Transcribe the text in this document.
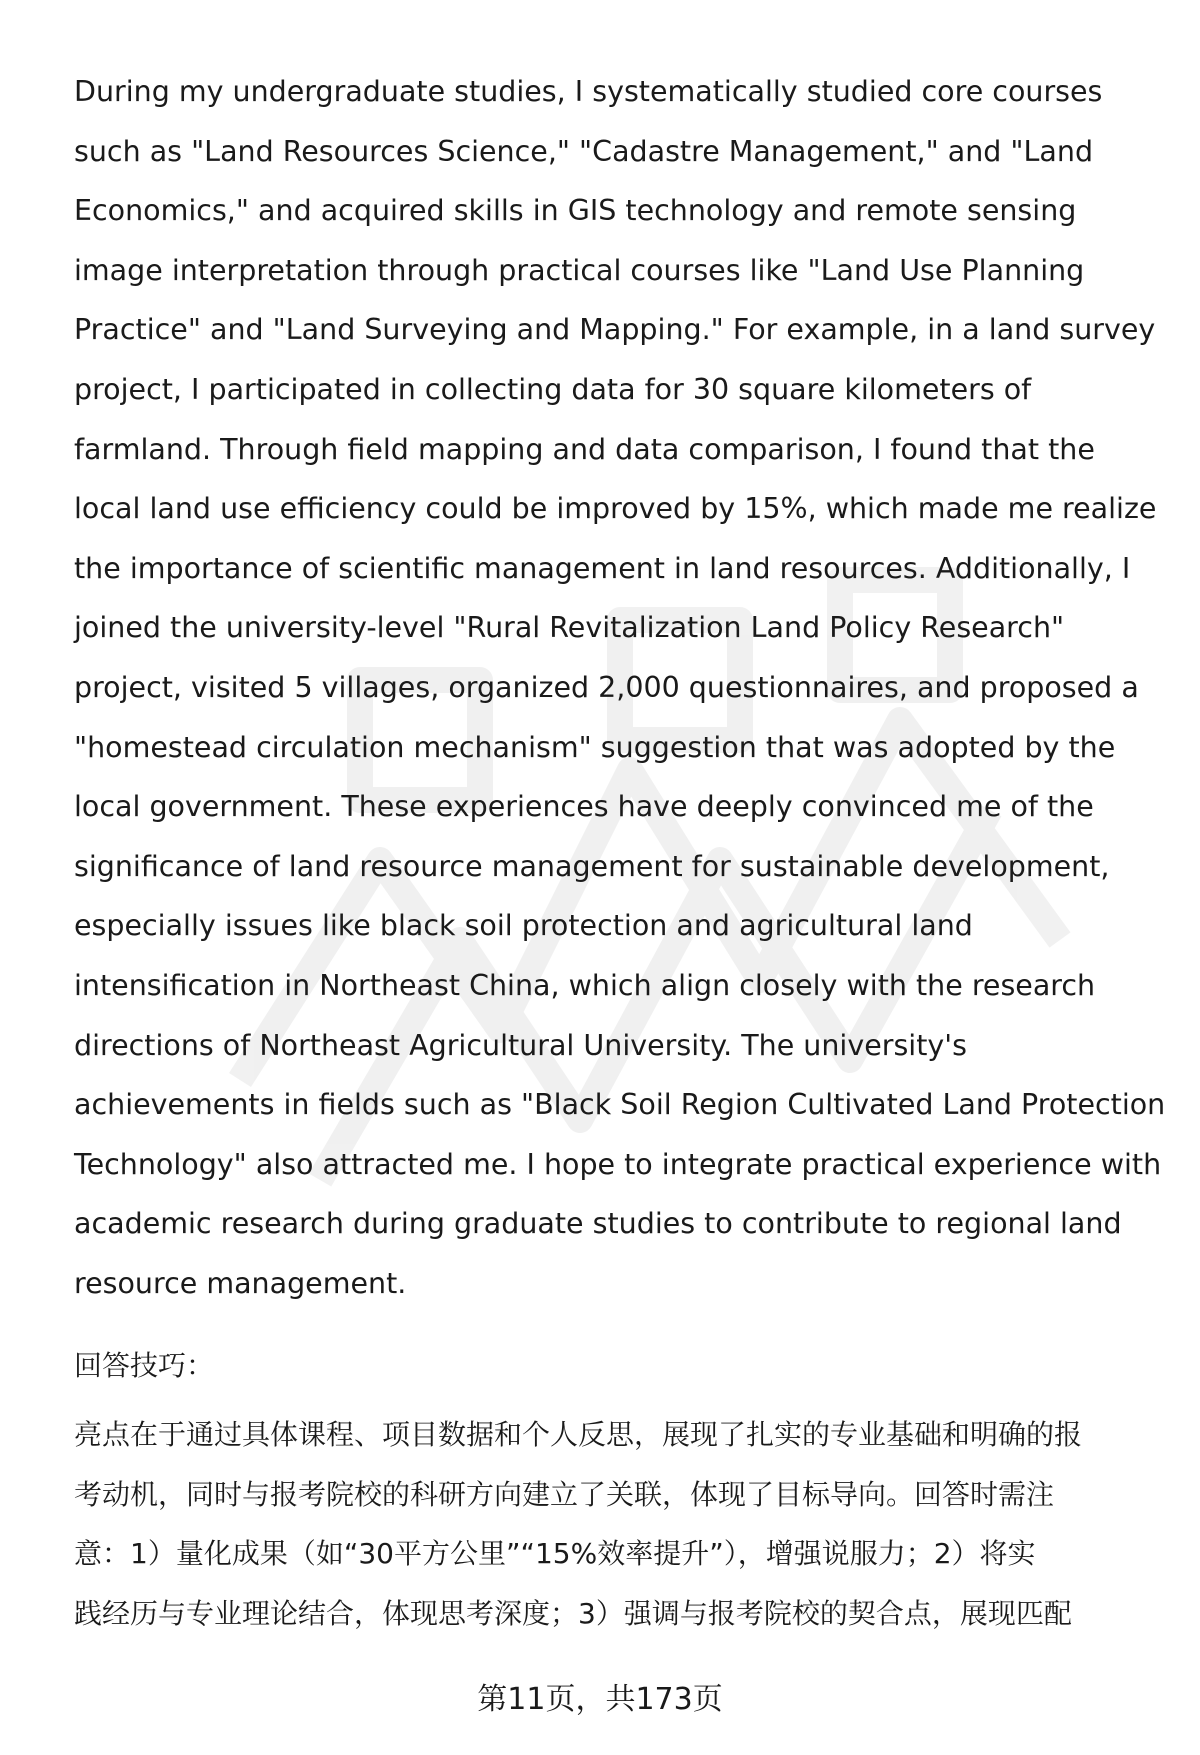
During my undergraduate studies, I systematically studied core courses
such as "Land Resources Science," "Cadastre Management," and "Land
Economics," and acquired skills in GIS technology and remote sensing
image interpretation through practical courses like "Land Use Planning
Practice" and "Land Surveying and Mapping." For example, in a land survey
project, I participated in collecting data for 30 square kilometers of
farmland. Through field mapping and data comparison, I found that the
local land use efficiency could be improved by 15%, which made me realize
the importance of scientific management in land resources. Additionally, I
joined the university-level "Rural Revitalization Land Policy Research"
project, visited 5 villages, organized 2,000 questionnaires, and proposed a
"homestead circulation mechanism" suggestion that was adopted by the
local government. These experiences have deeply convinced me of the
significance of land resource management for sustainable development,
especially issues like black soil protection and agricultural land
intensification in Northeast China, which align closely with the research
directions of Northeast Agricultural University. The university's
achievements in fields such as "Black Soil Region Cultivated Land Protection
Technology" also attracted me. I hope to integrate practical experience with
academic research during graduate studies to contribute to regional land
resource management.
回答技巧：
亮点在于通过具体课程、项目数据和个人反思，展现了扎实的专业基础和明确的报
考动机，同时与报考院校的科研方向建立了关联，体现了目标导向。回答时需注
意：1）量化成果（如“30平方公里”“15%效率提升”），增强说服力；2）将实
践经历与专业理论结合，体现思考深度；3）强调与报考院校的契合点，展现匹配
第11页，共173页
